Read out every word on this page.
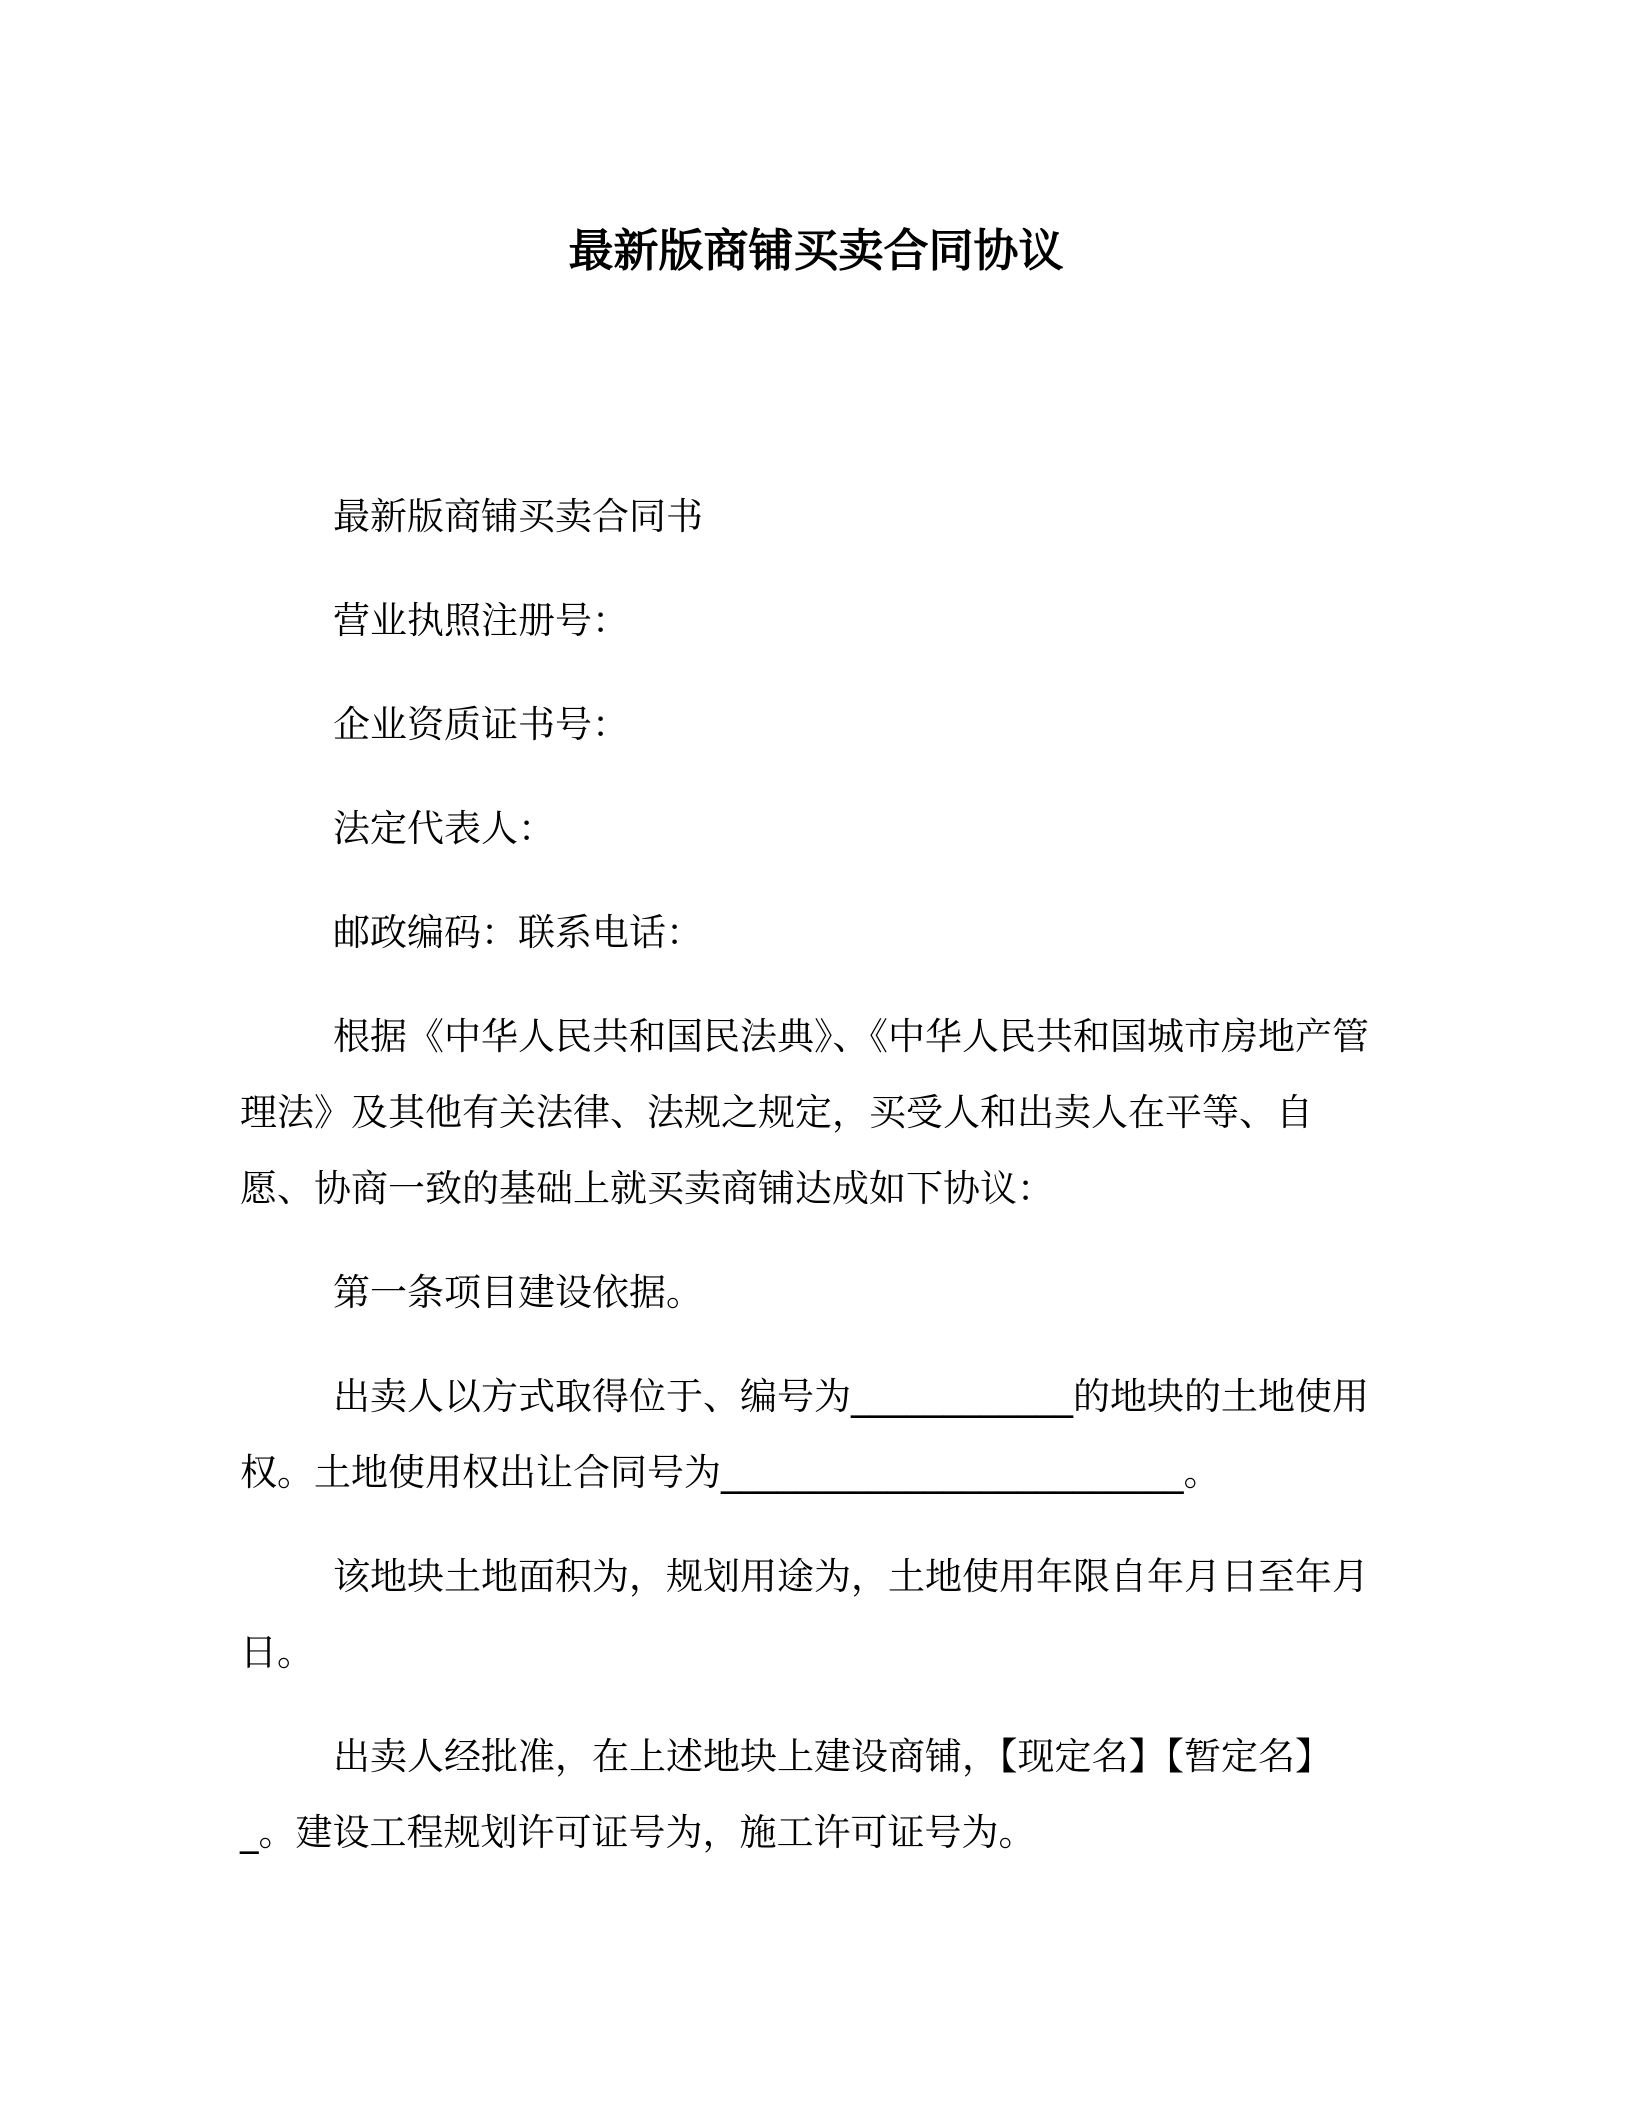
最新版商铺买卖合同协议

最新版商铺买卖合同书

营业执照注册号：

企业资质证书号：

法定代表人：

邮政编码：联系电话：

根据《中华人民共和国民法典》、《中华人民共和国城市房地产管理法》及其他有关法律、法规之规定，买受人和出卖人在平等、自愿、协商一致的基础上就买卖商铺达成如下协议：

第一条项目建设依据。

出卖人以方式取得位于、编号为____________的地块的土地使用权。土地使用权出让合同号为_________________________。

该地块土地面积为，规划用途为，土地使用年限自年月日至年月日。

出卖人经批准，在上述地块上建设商铺，【现定名】【暂定名】_。建设工程规划许可证号为，施工许可证号为。
